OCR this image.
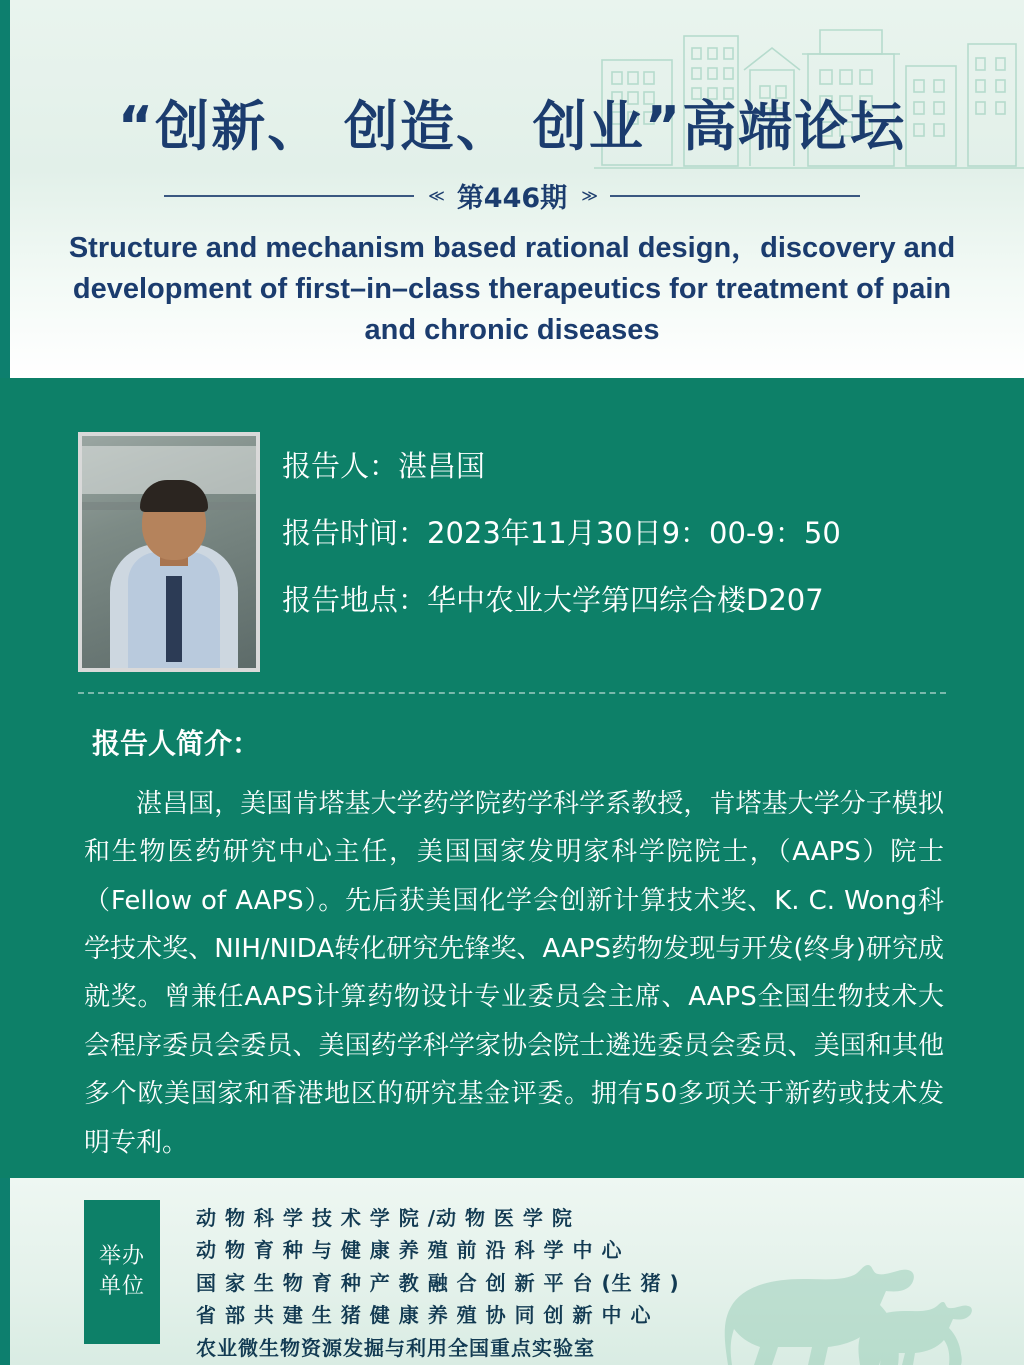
“创新、 创造、 创业”高端论坛
≪ 第446期 ≫
Structure and mechanism based rational design，discovery and development of first–in–class therapeutics for treatment of pain and chronic diseases
报告人：湛昌国
报告时间：2023年11月30日9：00-9：50
报告地点：华中农业大学第四综合楼D207
报告人简介：
湛昌国，美国肯塔基大学药学院药学科学系教授，肯塔基大学分子模拟和生物医药研究中心主任，美国国家发明家科学院院士，（AAPS）院士（Fellow of AAPS）。先后获美国化学会创新计算技术奖、K. C. Wong科学技术奖、NIH/NIDA转化研究先锋奖、AAPS药物发现与开发(终身)研究成就奖。曾兼任AAPS计算药物设计专业委员会主席、AAPS全国生物技术大会程序委员会委员、美国药学科学家协会院士遴选委员会委员、美国和其他多个欧美国家和香港地区的研究基金评委。拥有50多项关于新药或技术发明专利。
举办
单位
动 物 科 学 技 术 学 院 /动 物 医 学 院
动 物 育 种 与 健 康 养 殖 前 沿 科 学 中 心
国 家 生 物 育 种 产 教 融 合 创 新 平 台 (生 猪 )
省 部 共 建 生 猪 健 康 养 殖 协 同 创 新 中 心
农业微生物资源发掘与利用全国重点实验室
